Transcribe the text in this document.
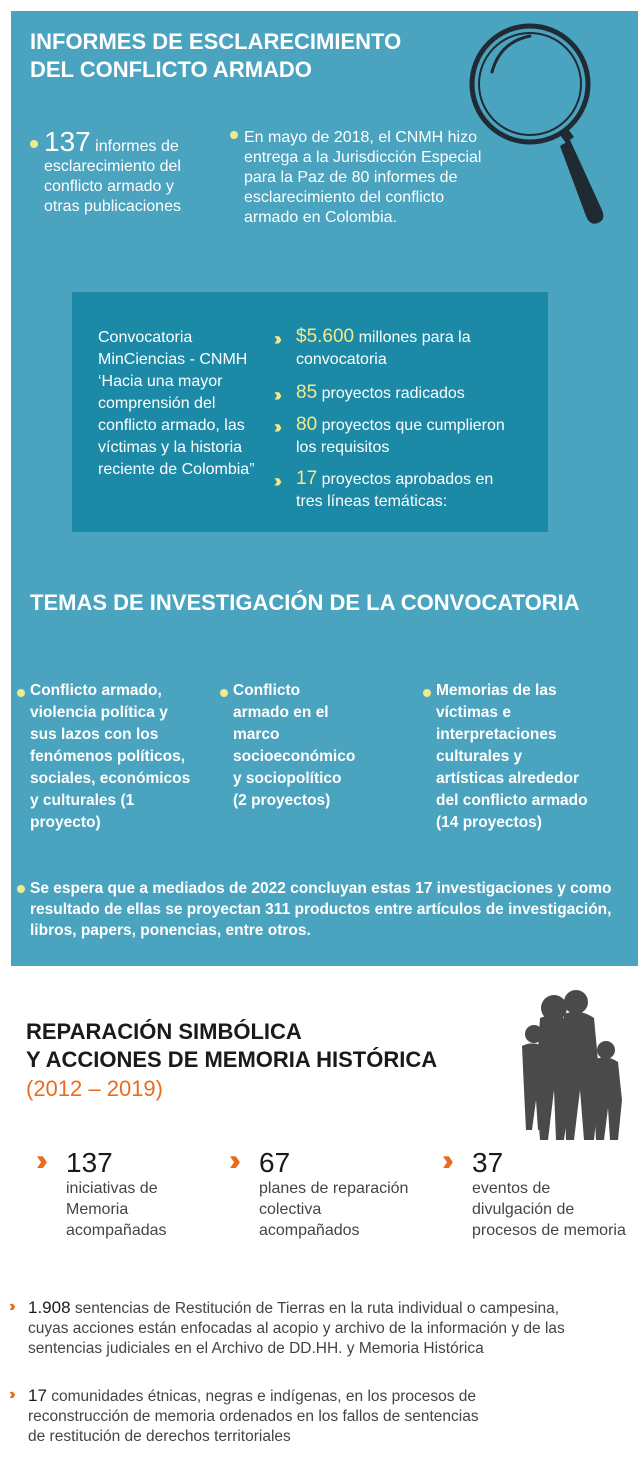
INFORMES DE ESCLARECIMIENTO
DEL CONFLICTO ARMADO
137 informes de
esclarecimiento del
conflicto armado y
otras publicaciones
En mayo de 2018, el CNMH hizo
entrega a la Jurisdicción Especial
para la Paz de 80 informes de
esclarecimiento del conflicto
armado en Colombia.
Convocatoria
MinCiencias - CNMH
‘Hacia una mayor
comprensión del
conflicto armado, las
víctimas y la historia
reciente de Colombia”
›› $5.600 millones para la
convocatoria
›› 85 proyectos radicados
›› 80 proyectos que cumplieron
los requisitos
›› 17 proyectos aprobados en
tres líneas temáticas:
TEMAS DE INVESTIGACIÓN DE LA CONVOCATORIA
Conflicto armado,
violencia política y
sus lazos con los
fenómenos políticos,
sociales, económicos
y culturales (1
proyecto)
Conflicto
armado en el
marco
socioeconómico
y sociopolítico
(2 proyectos)
Memorias de las
víctimas e
interpretaciones
culturales y
artísticas alrededor
del conflicto armado
(14 proyectos)
Se espera que a mediados de 2022 concluyan estas 17 investigaciones y como
resultado de ellas se proyectan 311 productos entre artículos de investigación,
libros, papers, ponencias, entre otros.
REPARACIÓN SIMBÓLICA
Y ACCIONES DE MEMORIA HISTÓRICA
(2012 – 2019)
›› 137
iniciativas de
Memoria
acompañadas
›› 67
planes de reparación
colectiva
acompañados
›› 37
eventos de
divulgación de
procesos de memoria
›› 1.908 sentencias de Restitución de Tierras en la ruta individual o campesina,
cuyas acciones están enfocadas al acopio y archivo de la información y de las
sentencias judiciales en el Archivo de DD.HH. y Memoria Histórica
›› 17 comunidades étnicas, negras e indígenas, en los procesos de
reconstrucción de memoria ordenados en los fallos de sentencias
de restitución de derechos territoriales
